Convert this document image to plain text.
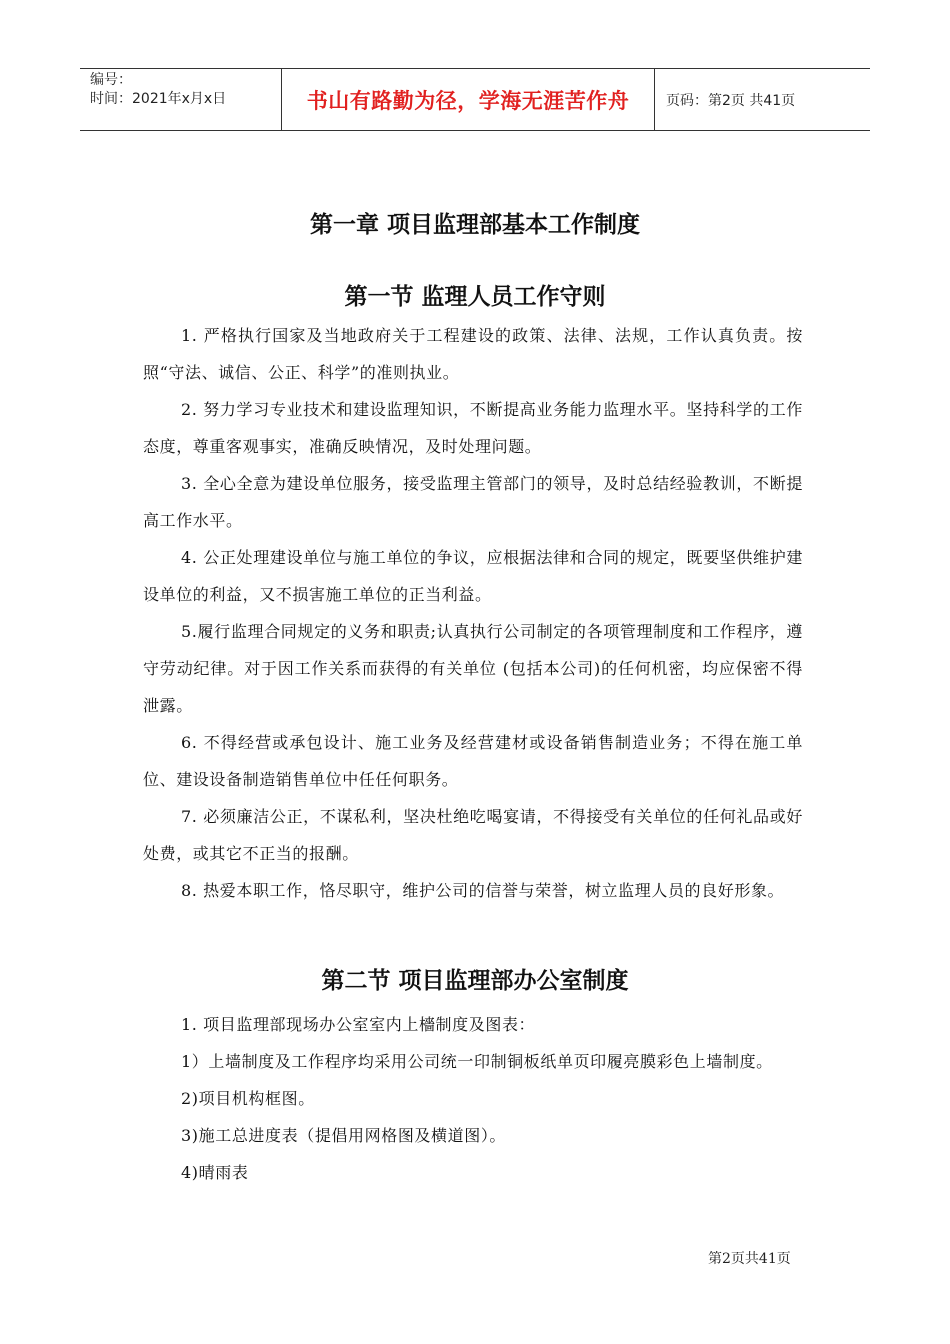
编号：
时间：2021年x月x日	书山有路勤为径，学海无涯苦作舟	页码：第2页 共41页
第一章 项目监理部基本工作制度
第一节 监理人员工作守则

1. 严格执行国家及当地政府关于工程建设的政策、法律、法规，工作认真负责。按照“守法、诚信、公正、科学”的准则执业。

2. 努力学习专业技术和建设监理知识，不断提高业务能力监理水平。坚持科学的工作态度，尊重客观事实，准确反映情况，及时处理问题。

3. 全心全意为建设单位服务，接受监理主管部门的领导，及时总结经验教训，不断提高工作水平。

4. 公正处理建设单位与施工单位的争议，应根据法律和合同的规定，既要坚供维护建设单位的利益，又不损害施工单位的正当利益。

5.履行监理合同规定的义务和职责;认真执行公司制定的各项管理制度和工作程序，遵守劳动纪律。对于因工作关系而获得的有关单位 (包括本公司)的任何机密，均应保密不得泄露。

6. 不得经营或承包设计、施工业务及经营建材或设备销售制造业务；不得在施工单位、建设设备制造销售单位中任任何职务。

7. 必须廉洁公正，不谋私利，坚决杜绝吃喝宴请，不得接受有关单位的任何礼品或好处费，或其它不正当的报酬。

8. 热爱本职工作，恪尽职守，维护公司的信誉与荣誉，树立监理人员的良好形象。

第二节 项目监理部办公室制度

1. 项目监理部现场办公室室内上檣制度及图表：

1）上墙制度及工作程序均采用公司统一印制铜板纸单页印履亮膜彩色上墙制度。

2)项目机构框图。

3)施工总进度表（提倡用网格图及横道图）。

4)晴雨表

第2页共41页
